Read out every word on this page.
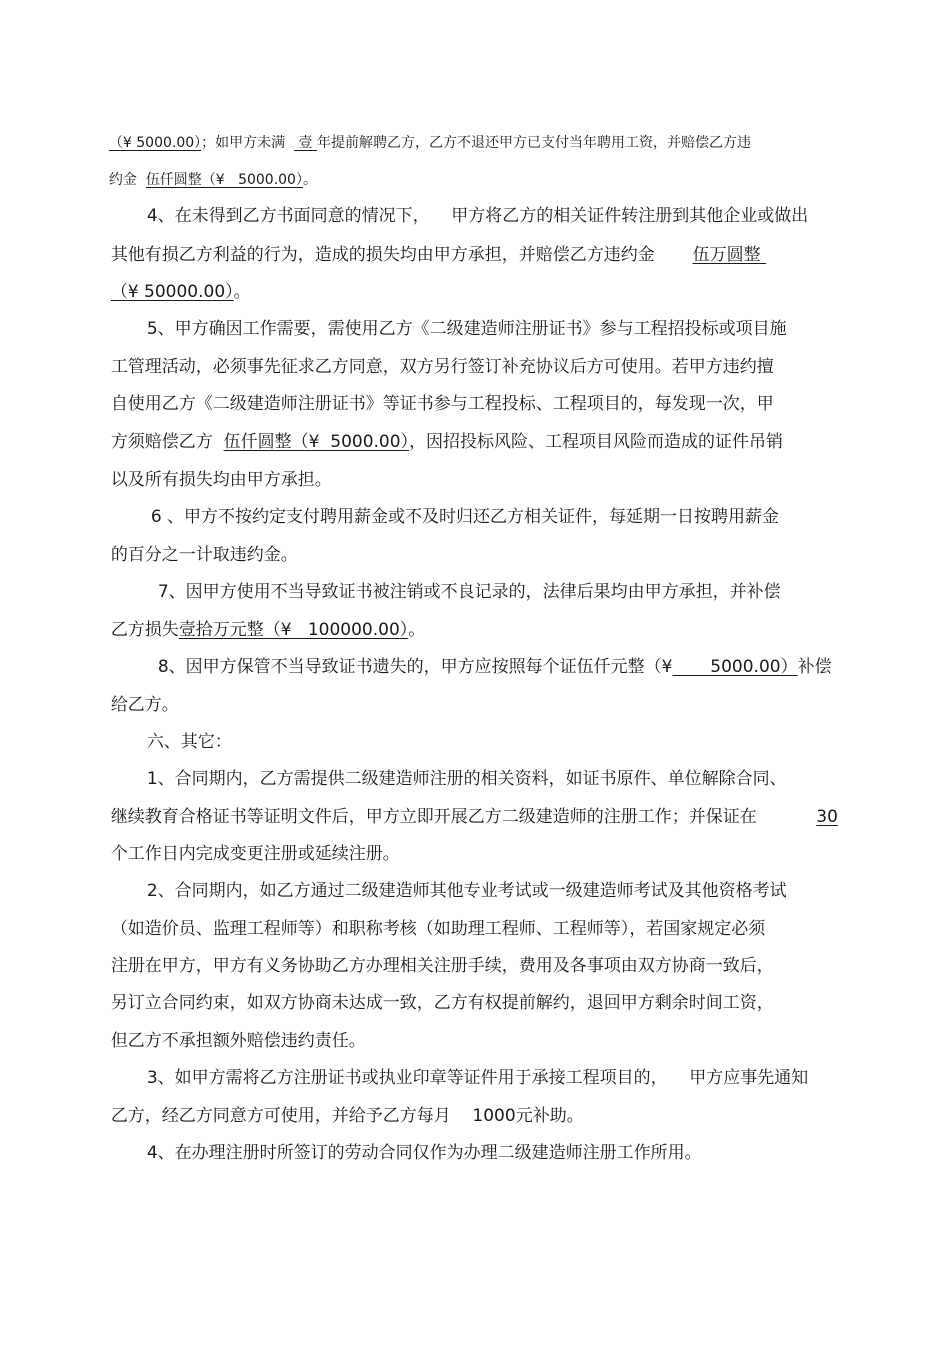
（¥ 5000.00）；如甲方未满   壹 年提前解聘乙方，乙方不退还甲方已支付当年聘用工资，并赔偿乙方违

约金  伍仟圆整（¥   5000.00）。

4、在未得到乙方书面同意的情况下，    甲方将乙方的相关证件转注册到其他企业或做出

其他有损乙方利益的行为，造成的损失均由甲方承担，并赔偿乙方违约金       伍万圆整

（¥ 50000.00）。

5、甲方确因工作需要，需使用乙方《二级建造师注册证书》参与工程招投标或项目施

工管理活动，必须事先征求乙方同意，双方另行签订补充协议后方可使用。若甲方违约擅

自使用乙方《二级建造师注册证书》等证书参与工程投标、工程项目的，每发现一次，甲

方须赔偿乙方  伍仟圆整（¥  5000.00），因招投标风险、工程项目风险而造成的证件吊销

以及所有损失均由甲方承担。

6 、甲方不按约定支付聘用薪金或不及时归还乙方相关证件，每延期一日按聘用薪金

的百分之一计取违约金。

7、因甲方使用不当导致证书被注销或不良记录的，法律后果均由甲方承担，并补偿

乙方损失壹拾万元整（¥   100000.00）。

8、因甲方保管不当导致证书遗失的，甲方应按照每个证伍仟元整（¥       5000.00）补偿

给乙方。

六、其它：

1、合同期内，乙方需提供二级建造师注册的相关资料，如证书原件、单位解除合同、

继续教育合格证书等证明文件后，甲方立即开展乙方二级建造师的注册工作；并保证在	30

个工作日内完成变更注册或延续注册。

2、合同期内，如乙方通过二级建造师其他专业考试或一级建造师考试及其他资格考试

（如造价员、监理工程师等）和职称考核（如助理工程师、工程师等），若国家规定必须

注册在甲方，甲方有义务协助乙方办理相关注册手续，费用及各事项由双方协商一致后，

另订立合同约束，如双方协商未达成一致，乙方有权提前解约，退回甲方剩余时间工资，

但乙方不承担额外赔偿违约责任。

3、如甲方需将乙方注册证书或执业印章等证件用于承接工程项目的，    甲方应事先通知

乙方，经乙方同意方可使用，并给予乙方每月    1000元补助。

4、在办理注册时所签订的劳动合同仅作为办理二级建造师注册工作所用。
